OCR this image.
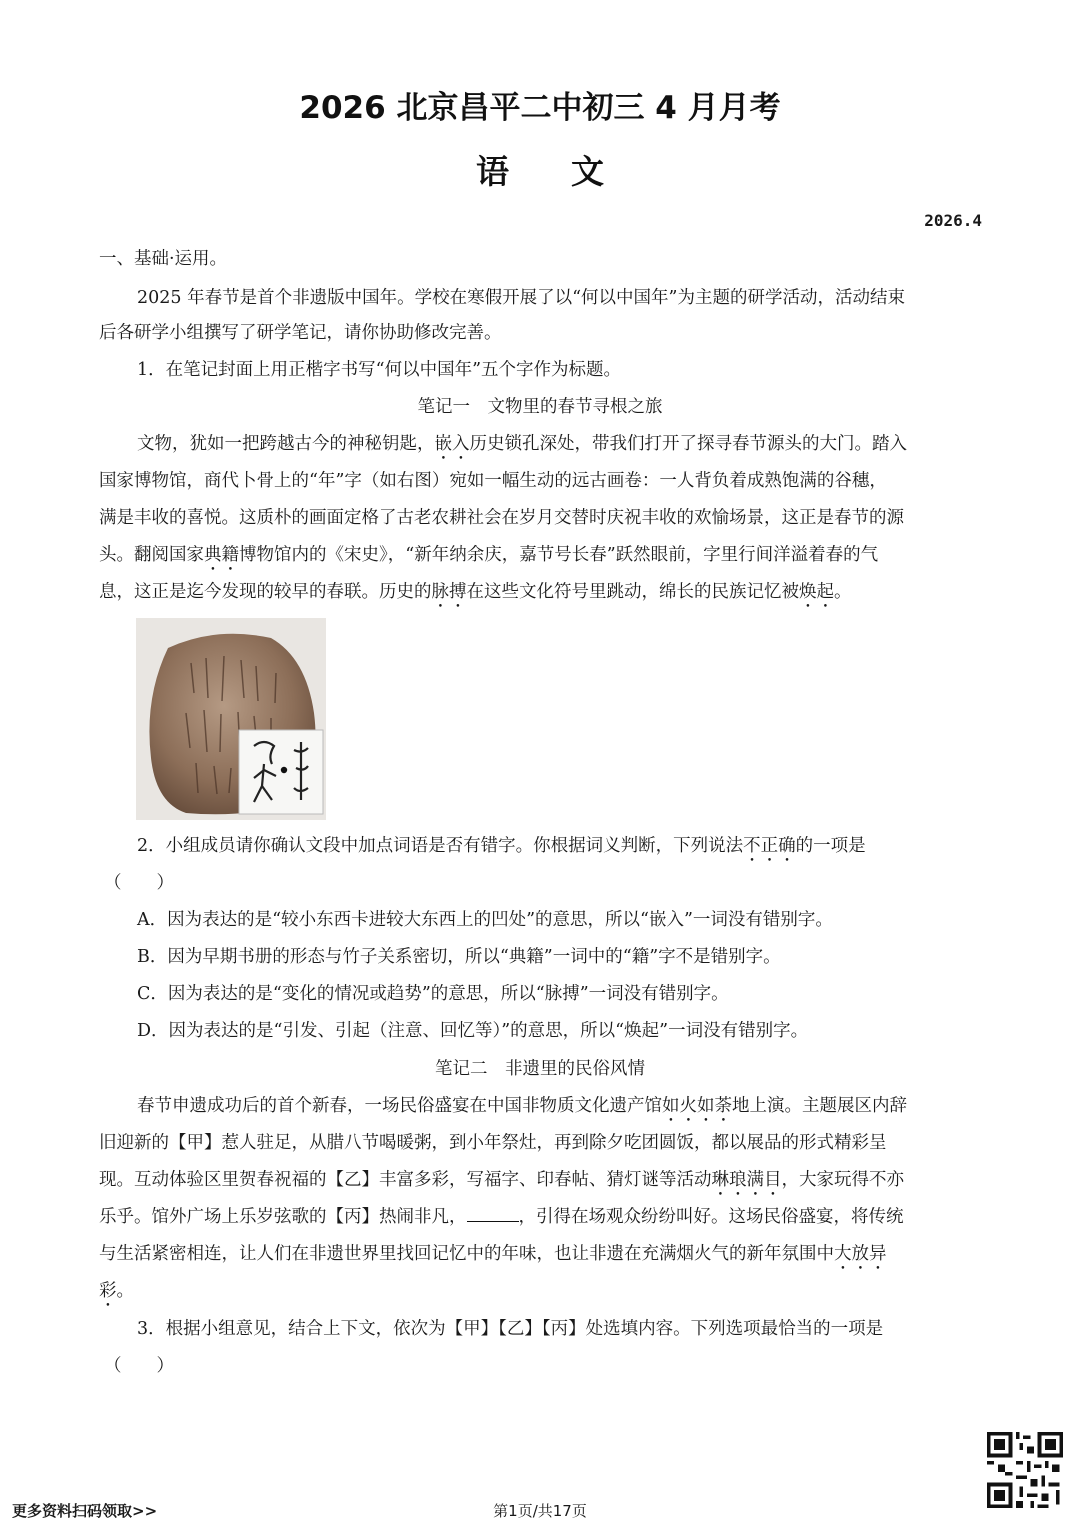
2026 北京昌平二中初三 4 月月考
语文
2026.4
一、基础·运用。
2025 年春节是首个非遗版中国年。学校在寒假开展了以“何以中国年”为主题的研学活动，活动结束
后各研学小组撰写了研学笔记，请你协助修改完善。
1．在笔记封面上用正楷字书写“何以中国年”五个字作为标题。
笔记一　文物里的春节寻根之旅
文物，犹如一把跨越古今的神秘钥匙，嵌入历史锁孔深处，带我们打开了探寻春节源头的大门。踏入
国家博物馆，商代卜骨上的“年”字（如右图）宛如一幅生动的远古画卷：一人背负着成熟饱满的谷穗，
满是丰收的喜悦。这质朴的画面定格了古老农耕社会在岁月交替时庆祝丰收的欢愉场景，这正是春节的源
头。翻阅国家典籍博物馆内的《宋史》，“新年纳余庆，嘉节号长春”跃然眼前，字里行间洋溢着春的气
息，这正是迄今发现的较早的春联。历史的脉搏在这些文化符号里跳动，绵长的民族记忆被焕起。
2．小组成员请你确认文段中加点词语是否有错字。你根据词义判断，下列说法不正确的一项是
（　　）
A．因为表达的是“较小东西卡进较大东西上的凹处”的意思，所以“嵌入”一词没有错别字。
B．因为早期书册的形态与竹子关系密切，所以“典籍”一词中的“籍”字不是错别字。
C．因为表达的是“变化的情况或趋势”的意思，所以“脉搏”一词没有错别字。
D．因为表达的是“引发、引起（注意、回忆等）”的意思，所以“焕起”一词没有错别字。
笔记二　非遗里的民俗风情
春节申遗成功后的首个新春，一场民俗盛宴在中国非物质文化遗产馆如火如荼地上演。主题展区内辞
旧迎新的【甲】惹人驻足，从腊八节喝暖粥，到小年祭灶，再到除夕吃团圆饭，都以展品的形式精彩呈
现。互动体验区里贺春祝福的【乙】丰富多彩，写福字、印春帖、猜灯谜等活动琳琅满目，大家玩得不亦
乐乎。馆外广场上乐岁弦歌的【丙】热闹非凡，	，引得在场观众纷纷叫好。这场民俗盛宴，将传统
与生活紧密相连，让人们在非遗世界里找回记忆中的年味，也让非遗在充满烟火气的新年氛围中大放异
彩。
3．根据小组意见，结合上下文，依次为【甲】【乙】【丙】处选填内容。下列选项最恰当的一项是
（　　）
更多资料扫码领取>>	第1页/共17页
